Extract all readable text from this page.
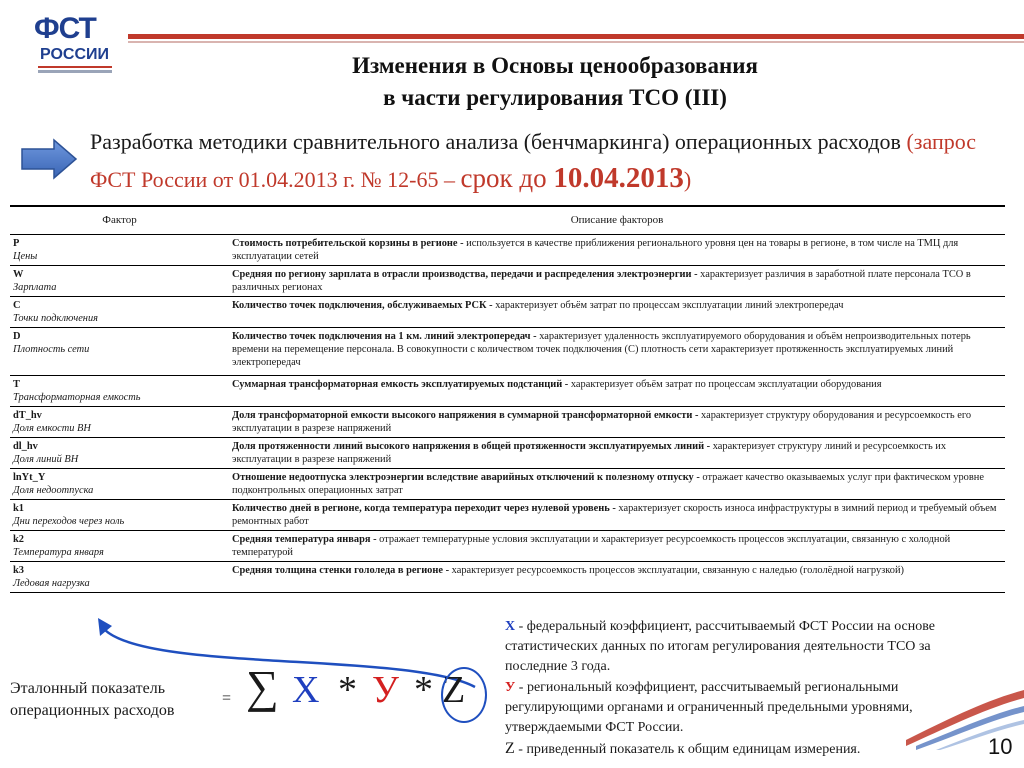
ФСТ
РОССИИ	Изменения в Основы ценообразования
в части регулирования ТСО (III)
Разработка методики сравнительного анализа (бенчмаркинга) операционных расходов (запрос ФСТ России от 01.04.2013 г. № 12-65 – срок до 10.04.2013)
Фактор	Описание факторов

P
Цены	Стоимость потребительской корзины в регионе - используется в качестве приближения регионального уровня цен на товары в регионе, в том числе на ТМЦ для эксплуатации сетей

W
Зарплата	Средняя по региону зарплата в отрасли производства, передачи и распределения электроэнергии - характеризует различия в заработной плате персонала ТСО в различных регионах

C
Точки подключения	Количество точек подключения, обслуживаемых РСК - характеризует объём затрат по процессам эксплуатации линий электропередач

D
Плотность сети	Количество точек подключения на 1 км. линий электропередач - характеризует удаленность эксплуатируемого оборудования и объём непроизводительных потерь времени на перемещение персонала. В совокупности с количеством точек подключения (С) плотность сети характеризует протяженность эксплуатируемых линий электропередач

T
Трансформаторная емкость	Суммарная трансформаторная емкость эксплуатируемых подстанций - характеризует объём затрат по процессам эксплуатации оборудования

dT_hv
Доля емкости ВН	Доля трансформаторной емкости высокого напряжения в суммарной трансформаторной емкости - характеризует структуру оборудования и ресурсоемкость его эксплуатации в разрезе напряжений

dl_hv
Доля линий ВН	Доля протяженности линий высокого напряжения в общей протяженности эксплуатируемых линий - характеризует структуру линий и ресурсоемкость их эксплуатации в разрезе напряжений

lnYt_Y
Доля недоотпуска	Отношение недоотпуска электроэнергии вследствие аварийных отключений к полезному отпуску - отражает качество оказываемых услуг при фактическом уровне подконтрольных операционных затрат

k1
Дни переходов через ноль	Количество дней в регионе, когда температура переходит через нулевой уровень - характеризует скорость износа инфраструктуры в зимний период и требуемый объем ремонтных работ

k2
Температура января	Средняя температура января - отражает температурные условия эксплуатации и характеризует ресурсоемкость процессов эксплуатации, связанную с холодной температурой

k3
Ледовая нагрузка	Средняя толщина стенки гололеда в регионе - характеризует ресурсоемкость процессов эксплуатации, связанную с наледью (гололёдной нагрузкой)
Эталонный показатель операционных расходов
= ∑ Х * У * Z

Х - федеральный коэффициент, рассчитываемый ФСТ России на основе статистических данных по итогам регулирования деятельности ТСО за последние 3 года.

У - региональный коэффициент, рассчитываемый региональными регулирующими органами и ограниченный предельными уровнями, утверждаемыми ФСТ России.

Z - приведенный показатель к общим единицам измерения.	10
